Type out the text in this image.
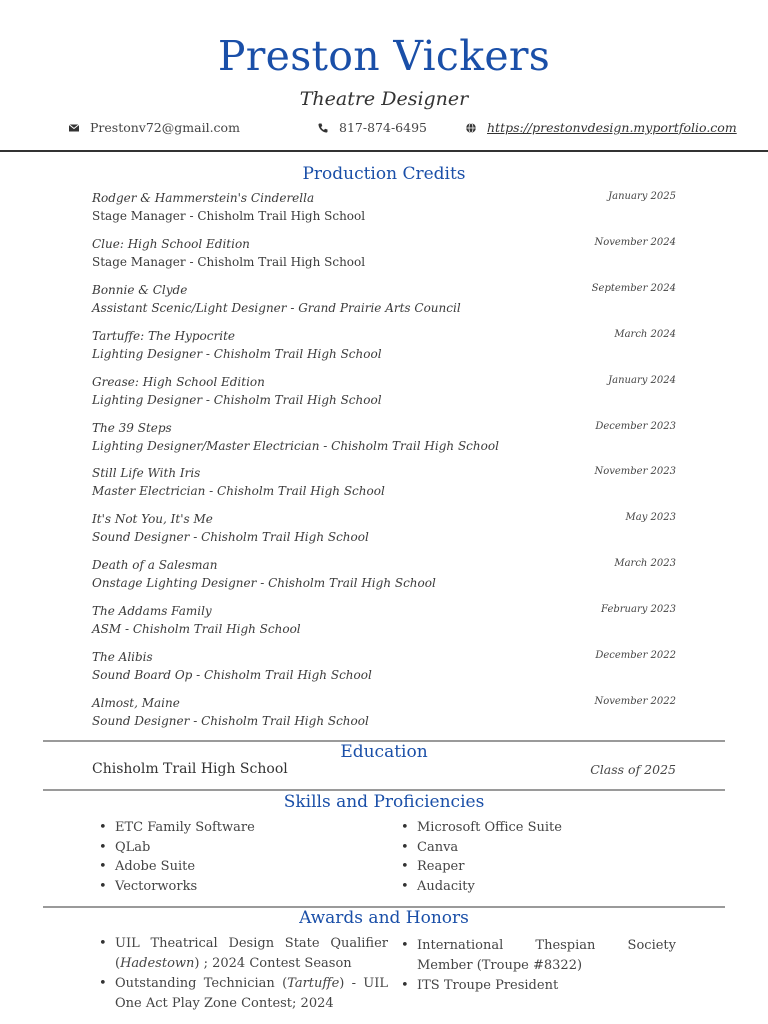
Preston Vickers
Theatre Designer
Prestonv72@gmail.com	817-874-6495	https://prestonvdesign.myportfolio.com
Production Credits
Rodger & Hammerstein's Cinderella	January 2025
Stage Manager - Chisholm Trail High School
Clue: High School Edition	November 2024
Stage Manager - Chisholm Trail High School
Bonnie & Clyde	September 2024
Assistant Scenic/Light Designer - Grand Prairie Arts Council
Tartuffe: The Hypocrite	March 2024
Lighting Designer - Chisholm Trail High School
Grease: High School Edition	January 2024
Lighting Designer - Chisholm Trail High School
The 39 Steps	December 2023
Lighting Designer/Master Electrician - Chisholm Trail High School
Still Life With Iris	November 2023
Master Electrician - Chisholm Trail High School
It's Not You, It's Me	May 2023
Sound Designer - Chisholm Trail High School
Death of a Salesman	March 2023
Onstage Lighting Designer - Chisholm Trail High School
The Addams Family	February 2023
ASM - Chisholm Trail High School
The Alibis	December 2022
Sound Board Op - Chisholm Trail High School
Almost, Maine	November 2022
Sound Designer - Chisholm Trail High School
Education
Chisholm Trail High School	Class of 2025
Skills and Proficiencies
• ETC Family Software
• QLab
• Adobe Suite
• Vectorworks
• Microsoft Office Suite
• Canva
• Reaper
• Audacity
Awards and Honors
• UIL Theatrical Design State Qualifier (Hadestown) ; 2024 Contest Season
• Outstanding Technician (Tartuffe) - UIL One Act Play Zone Contest; 2024
• International Thespian Society Member (Troupe #8322)
• ITS Troupe President
